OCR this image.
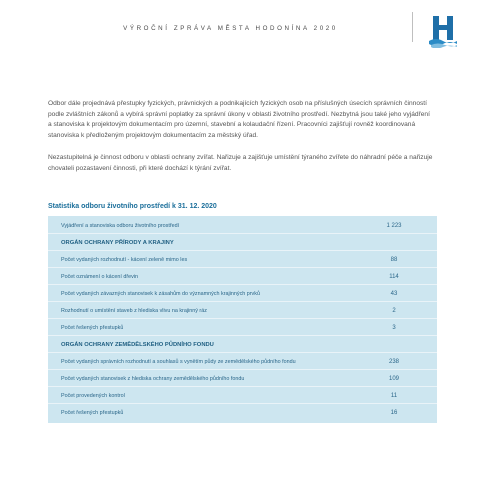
VÝROČNÍ ZPRÁVA MĚSTA HODONÍNA 2020

Odbor dále projednává přestupky fyzických, právnických a podnikajících fyzických osob na příslušných úsecích správních činností podle zvláštních zákonů a vybírá správní poplatky za správní úkony v oblasti životního prostředí. Nezbytná jsou také jeho vyjádření a stanoviska k projektovým dokumentacím pro územní, stavební a kolaudační řízení. Pracovníci zajišťují rovněž koordinovaná stanoviska k předloženým projektovým dokumentacím za městský úřad.

Nezastupitelná je činnost odboru v oblasti ochrany zvířat. Nařizuje a zajišťuje umístění týraného zvířete do náhradní péče a nařizuje chovateli pozastavení činnosti, při které dochází k týrání zvířat.

Statistika odboru životního prostředí k 31. 12. 2020
Vyjádření a stanoviska odboru životního prostředí	1 223
ORGÁN OCHRANY PŘÍRODY A KRAJINY
Počet vydaných rozhodnutí - kácení zeleně mimo les	88
Počet oznámení o kácení dřevin	114
Počet vydaných závazných stanovisek k zásahům do významných krajinných prvků	43
Rozhodnutí o umístění staveb z hlediska vlivu na krajinný ráz	2
Počet řešených přestupků	3
ORGÁN OCHRANY ZEMĚDĚLSKÉHO PŮDNÍHO FONDU
Počet vydaných správních rozhodnutí a souhlasů s vynětím půdy ze zemědělského půdního fondu	238
Počet vydaných stanovisek z hlediska ochrany zemědělského půdního fondu	109
Počet provedených kontrol	11
Počet řešených přestupků	16
